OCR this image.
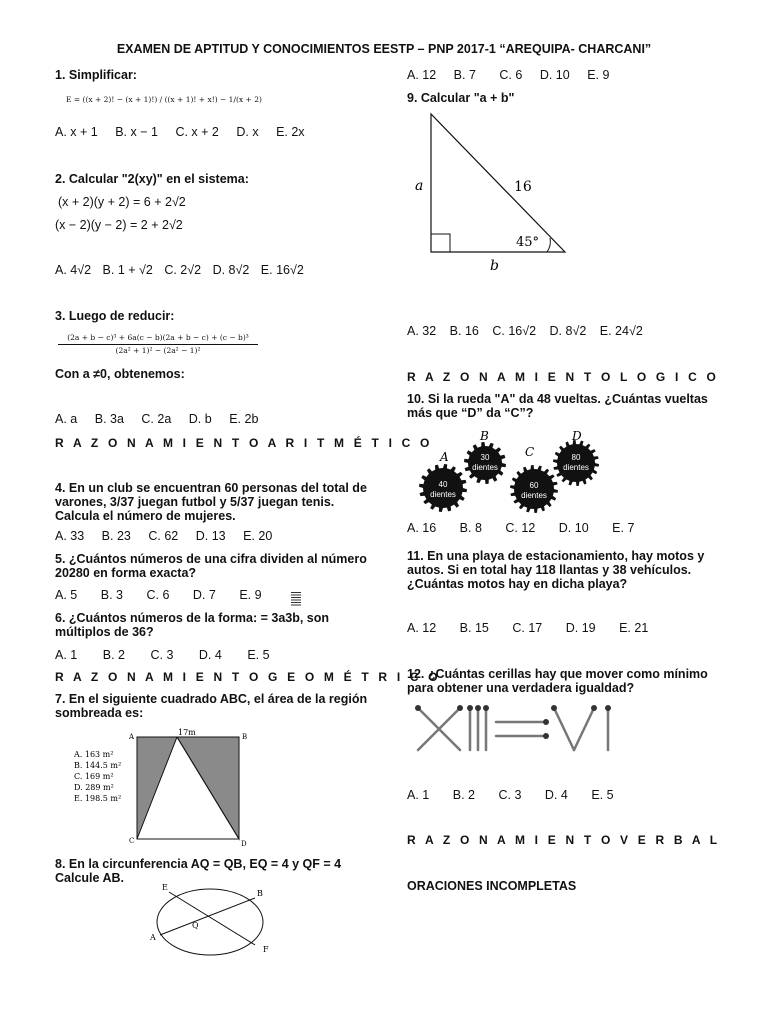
EXAMEN DE APTITUD Y CONOCIMIENTOS EESTP – PNP 2017-1 “AREQUIPA- CHARCANI”
1. Simplificar:
E = ((x + 2)! − (x + 1)!) / ((x + 1)! + x!) − 1/(x + 2)
A. x + 1 B. x − 1 C. x + 2 D. x E. 2x
2. Calcular "2(xy)" en el sistema:
(x + 2)(y + 2) = 6 + 2√2
(x − 2)(y − 2) = 2 + 2√2
A. 4√2 B. 1 + √2 C. 2√2 D. 8√2 E. 16√2
3. Luego de reducir:
(2a + b − c)³ + 6a(c − b)(2a + b − c) + (c − b)³
(2a² + 1)² − (2a² − 1)²
Con a ≠0, obtenemos:
A. a B. 3a C. 2a D. b E. 2b
R A Z O N A M I E N T O A R I T M É T I C O
4. En un club se encuentran 60 personas del total de
varones, 3/37 juegan futbol y 5/37 juegan tenis.
Calcula el número de mujeres.
A. 33 B. 23 C. 62 D. 13 E. 20
5. ¿Cuántos números de una cifra dividen al número
20280 en forma exacta?
A. 5 B. 3 C. 6 D. 7 E. 9
6. ¿Cuántos números de la forma: = 3a3b, son
múltiplos de 36?
A. 1 B. 2 C. 3 D. 4 E. 5
R A Z O N A M I E N T O G E O M É T R I C O
7. En el siguiente cuadrado ABC, el área de la región
sombreada es:
17m
A	B
C	D
A. 163 m²
B. 144.5 m²
C. 169 m²
D. 289 m²
E. 198.5 m²
8. En la circunferencia AQ = QB, EQ = 4 y QF = 4
Calcule AB.
E
B
Q
A
F
A. 12 B. 7 C. 6 D. 10 E. 9
9. Calcular "a + b"
a
b
16
45°
A. 32 B. 16 C. 16√2 D. 8√2 E. 24√2
R A Z O N A M I E N T O L O G I C O
10. Si la rueda "A" da 48 vueltas. ¿Cuántas vueltas
más que “D” da “C”?
A
B
C
D
40
dientes
30
dientes
60
dientes
80
dientes
A. 16 B. 8 C. 12 D. 10 E. 7
11. En una playa de estacionamiento, hay motos y
autos. Si en total hay 118 llantas y 38 vehículos.
¿Cuántas motos hay en dicha playa?
A. 12 B. 15 C. 17 D. 19 E. 21
12. ¿Cuántas cerillas hay que mover como mínimo
para obtener una verdadera igualdad?
A. 1 B. 2 C. 3 D. 4 E. 5
R A Z O N A M I E N T O V E R B A L
ORACIONES INCOMPLETAS
